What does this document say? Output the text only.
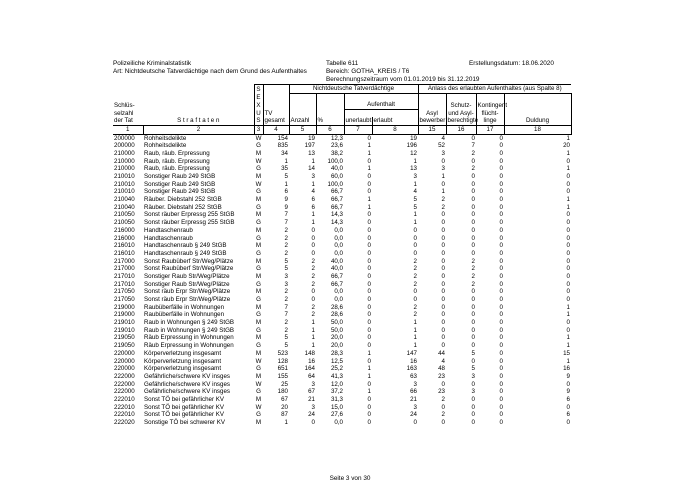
Polizeiliche Kriminalstatistik
Art: Nichtdeutsche Tatverdächtige nach dem Grund des Aufenthaltes
Tabelle 611
Bereich: GOTHA_KREIS / T6
Berechnungszeitraum vom 01.01.2019 bis 31.12.2019
Erstellungsdatum: 18.06.2020
		S		Nichtdeutsche Tatverdächtige				Anlass des erlaubten Aufenthaltes (aus Spalte 8)				
		E										
Schlüs-		X				Aufenthalt			Schutz-	Kontingent		
selzahl		U	TV					Asyl	und Asyl-	flücht-		
der Tat	S t r a f t a t e n	S	gesamt	Anzahl	%	unerlaubt	erlaubt	bewerber	berechtigte	linge	Duldung	
1	2	3	4	5	6	7	8	15	16	17	18	
200000	Rohheitsdelikte	W	154	19	12,3	0	19	4	0	0	1	
200000	Rohheitsdelikte	G	835	197	23,6	1	196	52	7	0	20	
210000	Raub, räub. Erpressung	M	34	13	38,2	1	12	3	2	0	1	
210000	Raub, räub. Erpressung	W	1	1	100,0	0	1	0	0	0	0	
210000	Raub, räub. Erpressung	G	35	14	40,0	1	13	3	2	0	1	
210010	Sonstiger Raub 249 StGB	M	5	3	60,0	0	3	1	0	0	0	
210010	Sonstiger Raub 249 StGB	W	1	1	100,0	0	1	0	0	0	0	
210010	Sonstiger Raub 249 StGB	G	6	4	66,7	0	4	1	0	0	0	
210040	Räuber. Diebstahl 252 StGB	M	9	6	66,7	1	5	2	0	0	1	
210040	Räuber. Diebstahl 252 StGB	G	9	6	66,7	1	5	2	0	0	1	
210050	Sonst räuber Erpressg 255 StGB	M	7	1	14,3	0	1	0	0	0	0	
210050	Sonst räuber Erpressg 255 StGB	G	7	1	14,3	0	1	0	0	0	0	
216000	Handtaschenraub	M	2	0	0,0	0	0	0	0	0	0	
216000	Handtaschenraub	G	2	0	0,0	0	0	0	0	0	0	
216010	Handtaschenraub § 249 StGB	M	2	0	0,0	0	0	0	0	0	0	
216010	Handtaschenraub § 249 StGB	G	2	0	0,0	0	0	0	0	0	0	
217000	Sonst Raubüberf Str/Weg/Plätze	M	5	2	40,0	0	2	0	2	0	0	
217000	Sonst Raubüberf Str/Weg/Plätze	G	5	2	40,0	0	2	0	2	0	0	
217010	Sonstiger Raub Str/Weg/Plätze	M	3	2	66,7	0	2	0	2	0	0	
217010	Sonstiger Raub Str/Weg/Plätze	G	3	2	66,7	0	2	0	2	0	0	
217050	Sonst räub Erpr Str/Weg/Plätze	M	2	0	0,0	0	0	0	0	0	0	
217050	Sonst räub Erpr Str/Weg/Plätze	G	2	0	0,0	0	0	0	0	0	0	
219000	Raubüberfälle in Wohnungen	M	7	2	28,6	0	2	0	0	0	1	
219000	Raubüberfälle in Wohnungen	G	7	2	28,6	0	2	0	0	0	1	
219010	Raub in Wohnungen § 249 StGB	M	2	1	50,0	0	1	0	0	0	0	
219010	Raub in Wohnungen § 249 StGB	G	2	1	50,0	0	1	0	0	0	0	
219050	Räub Erpressung in Wohnungen	M	5	1	20,0	0	1	0	0	0	1	
219050	Räub Erpressung in Wohnungen	G	5	1	20,0	0	1	0	0	0	1	
220000	Körperverletzung insgesamt	M	523	148	28,3	1	147	44	5	0	15	
220000	Körperverletzung insgesamt	W	128	16	12,5	0	16	4	0	0	1	
220000	Körperverletzung insgesamt	G	651	164	25,2	1	163	48	5	0	16	
222000	Gefährliche/schwere KV insges	M	155	64	41,3	1	63	23	3	0	9	
222000	Gefährliche/schwere KV insges	W	25	3	12,0	0	3	0	0	0	0	
222000	Gefährliche/schwere KV insges	G	180	67	37,2	1	66	23	3	0	9	
222010	Sonst TÖ bei gefährlicher KV	M	67	21	31,3	0	21	2	0	0	6	
222010	Sonst TÖ bei gefährlicher KV	W	20	3	15,0	0	3	0	0	0	0	
222010	Sonst TÖ bei gefährlicher KV	G	87	24	27,6	0	24	2	0	0	6	
222020	Sonstige TÖ bei schwerer KV	M	1	0	0,0	0	0	0	0	0	0	
Seite 3 von 30
